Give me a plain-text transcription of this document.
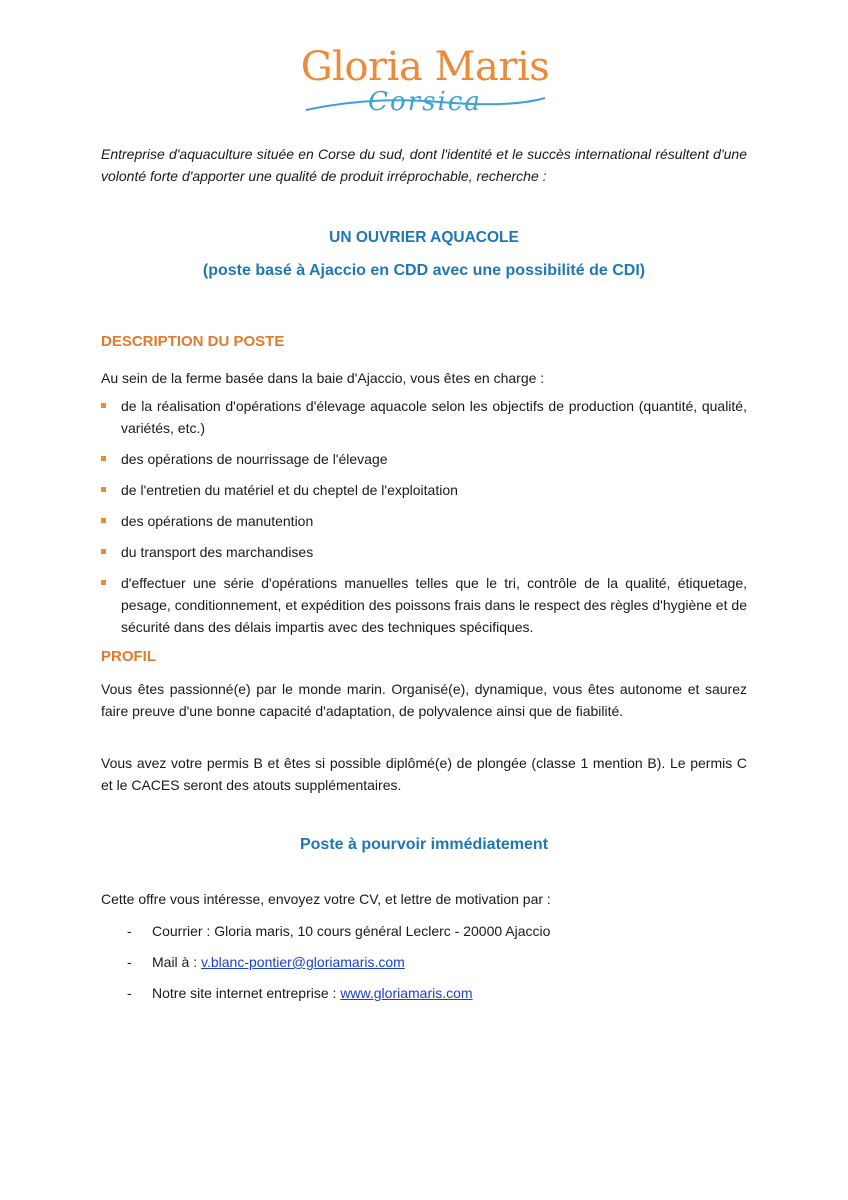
Gloria Maris
Corsica

Entreprise d'aquaculture située en Corse du sud, dont l'identité et le succès international résultent d'une volonté forte d'apporter une qualité de produit irréprochable, recherche :

UN OUVRIER AQUACOLE
(poste basé à Ajaccio en CDD avec une possibilité de CDI)
DESCRIPTION DU POSTE

Au sein de la ferme basée dans la baie d'Ajaccio, vous êtes en charge :

de la réalisation d'opérations d'élevage aquacole selon les objectifs de production (quantité, qualité, variétés, etc.)
des opérations de nourrissage de l'élevage
de l'entretien du matériel et du cheptel de l'exploitation
des opérations de manutention
du transport des marchandises
d'effectuer une série d'opérations manuelles telles que le tri, contrôle de la qualité, étiquetage, pesage, conditionnement, et expédition des poissons frais dans le respect des règles d'hygiène et de sécurité dans des délais impartis avec des techniques spécifiques.
PROFIL

Vous êtes passionné(e) par le monde marin. Organisé(e), dynamique, vous êtes autonome et saurez faire preuve d'une bonne capacité d'adaptation, de polyvalence ainsi que de fiabilité.

Vous avez votre permis B et êtes si possible diplômé(e) de plongée (classe 1 mention B). Le permis C et le CACES seront des atouts supplémentaires.

Poste à pourvoir immédiatement

Cette offre vous intéresse, envoyez votre CV, et lettre de motivation par :

- Courrier : Gloria maris, 10 cours général Leclerc - 20000 Ajaccio
- Mail à : v.blanc-pontier@gloriamaris.com
- Notre site internet entreprise : www.gloriamaris.com
